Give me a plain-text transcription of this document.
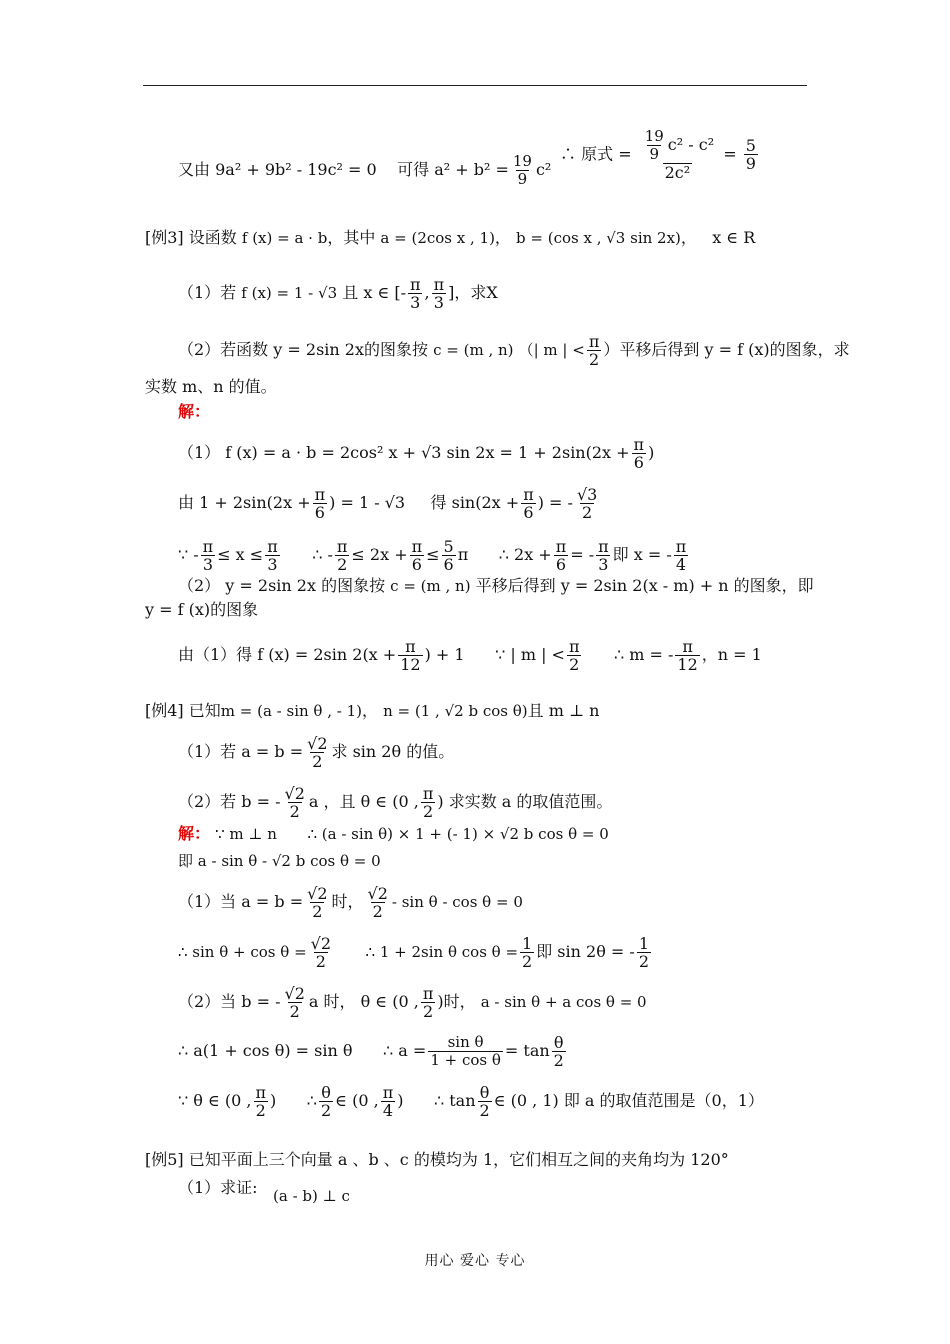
又由 9a² + 9b² - 19c² = 0 可得 $a^2 + b^2 = \frac{19}{9} c^2$
∴ 原式 = $\frac{\frac{19}{9} c^2 - c^2}{\text{2c²}} = \frac{5}{9}$
[例3] 设函数 f (x) = a · b，其中 a = (2cos x , 1)， b = (cos x , √3 sin 2x)， x ∈ R
（1）若 f (x) = 1 - √3 且 x ∈ [- $\frac{\pi}{3}$ , $\frac{\pi}{3}$ ]，求X
（2）若函数 y = 2sin 2x的图象按 c = (m , n) （| m | < $\frac{\pi}{2}$ ）平移后得到 y = f (x)的图象，求
实数 m、n 的值。
解：
（1） f (x) = a · b = 2cos² x + √3 $\sin 2x = 1 + 2\sin(2x + \frac{\pi}{6}$ )
由 $1 + 2\sin(2x + \frac{\pi}{6}$ ) = 1 - √3 得 $\sin(2x + \frac{\pi}{6}$ ) = - $\frac{√3}{2}$
∵ - $\frac{\pi}{3} \le x \le \frac{\pi}{3}$ ∴ - $\frac{\pi}{2} \le 2x + \frac{\pi}{6} \le \frac{5}{6}$ π ∴ $2x + \frac{\pi}{6}$ = - $\frac{\pi}{3}$ 即 x = - $\frac{\pi}{4}$
（2） y = 2sin 2x 的图象按 c = (m , n) 平移后得到 y = 2sin 2(x - m) + n 的图象，即
y = f (x)的图象
由（1）得 f (x) = 2sin $2(x + \frac{\pi}{12}$ ) + 1 ∵ | m | < $\frac{\pi}{2}$ ∴ m = - $\frac{\pi}{12}$ ，n = 1
[例4] 已知m = (a - sin θ , - 1)， n = (1 , √2 b cos θ)且 m ⊥ n
（1）若 $a = b = \frac{√2}{2}$ 求 sin 2θ 的值。
（2）若 b = - $\frac{√2}{2}$ a ，且 θ ∈ (0 , $\frac{\pi}{2}$ ) 求实数 a 的取值范围。
解： ∵ m ⊥ n ∴ (a - sin θ) × 1 + (- 1) × √2 b cos θ = 0
即 a - sin θ - √2 b cos θ = 0
（1）当 $a = b = \frac{√2}{2}$ 时， $\frac{√2}{2} - \sin \theta - \cos \theta = 0$
∴ $\sin \theta + \cos \theta = \frac{√2}{2}$ ∴ 1 + 2sin θ $\cos \theta = \frac{1}{2}$ 即 sin 2θ = - $\frac{1}{2}$
（2）当 b = - $\frac{√2}{2}$ a 时， θ ∈ (0 , $\frac{\pi}{2}$ )时， a - sin θ + a cos θ = 0
∴ a(1 + cos θ) = sin θ ∴ $a = \frac{\text{sin θ}}{\text{1 + cos θ}} = \tan \frac{\theta}{2}$
∵ θ ∈ (0 , $\frac{\pi}{2}$ ) ∴ $\frac{\theta}{2}$ ∈ (0 , $\frac{\pi}{4}$ ) ∴ $\tan \frac{\theta}{2}$ ∈ (0 , 1) 即 a 的取值范围是（0，1）
[例5] 已知平面上三个向量 a 、b 、c 的模均为 1，它们相互之间的夹角均为 120°
（1）求证: (a - b) ⊥ c
用心 爱心 专心
